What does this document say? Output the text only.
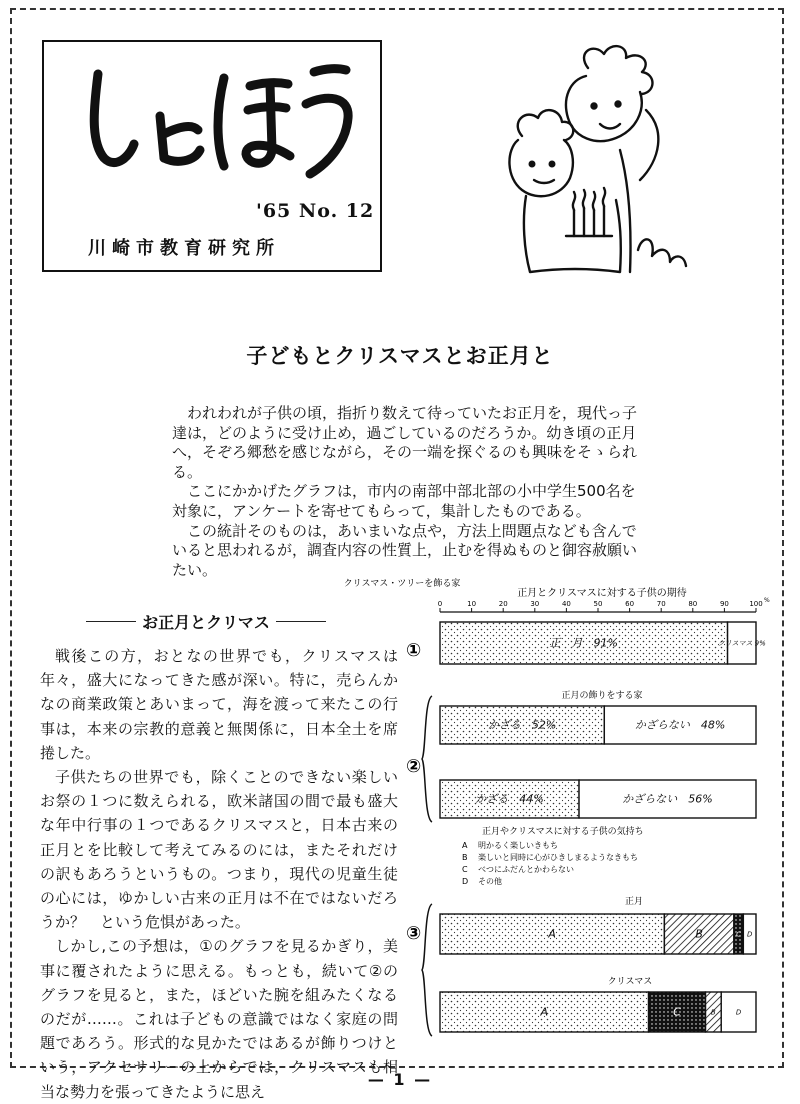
'65 No. 12
川崎市教育研究所
子どもとクリスマスとお正月と

われわれが子供の頃，指折り数えて待っていたお正月を，現代っ子達は，どのように受け止め，過ごしているのだろうか。幼き頃の正月へ，そぞろ郷愁を感じながら，その一端を探ぐるのも興味をそゝられる。

ここにかかげたグラフは，市内の南部中部北部の小中学生500名を対象に，アンケートを寄せてもらって，集計したものである。

この統計そのものは，あいまいな点や，方法上問題点なども含んでいると思われるが，調査内容の性質上，止むを得ぬものと御容赦願いたい。

お正月とクリマス

戦後この方，おとなの世界でも，クリスマスは年々，盛大になってきた感が深い。特に，売らんかなの商業政策とあいまって，海を渡って来たこの行事は，本来の宗教的意義と無関係に，日本全土を席捲した。

子供たちの世界でも，除くことのできない楽しいお祭の１つに数えられる，欧米諸国の間で最も盛大な年中行事の１つであるクリスマスと，日本古来の正月とを比較して考えてみるのには，またそれだけの訳もあろうというもの。つまり，現代の児童生徒の心には，ゆかしい古来の正月は不在ではないだろうか？　という危惧があった。

しかし,この予想は，①のグラフを見るかぎり，美事に覆されたように思える。もっとも，続いて②のグラフを見ると，また，ほどいた腕を組みたくなるのだが……。これは子どもの意識ではなく家庭の問題であろう。形式的な見かたではあるが飾りつけという，アクセサリーの上からでは，クリスマスも相当な勢力を張ってきたように思え

正月とクリスマスに対する子供の期待
0	10	20	30	40	50	60	70	80	90	100 %
①	正　月　91%	クリスマス 9%
②
正月の飾りをする家
かざる　52%	かざらない　48%
クリスマス・ツリーを飾る家
かざる　44%	かざらない　56%
③
正月やクリスマスに対する子供の気持ち
A 明かるく楽しいきもち
B 楽しいと同時に心がひきしまるようなきもち
C べつにふだんとかわらない
D その他
正月
A	B	C D
クリスマス
A	C	B	D
— 1 —
